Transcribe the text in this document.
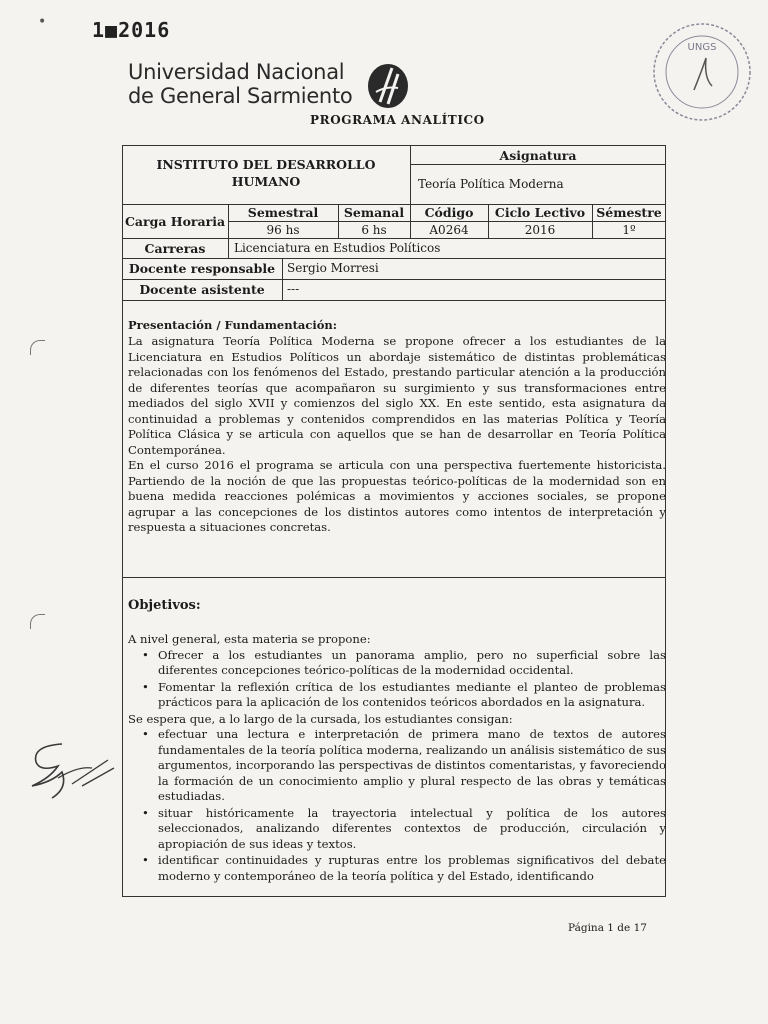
• 1■2016
Universidad Nacional
de General Sarmiento
PROGRAMA ANALÍTICO
UNGS
INSTITUTO DEL DESARROLLO
HUMANO
Asignatura
Teoría Política Moderna
Carga Horaria
Semestral
96 hs
Semanal
6 hs
Código
A0264
Ciclo Lectivo
2016
Sémestre
1º
Carreras	Licenciatura en Estudios Políticos
Docente responsable Sergio Morresi
Docente asistente	---
Presentación / Fundamentación:

La asignatura Teoría Política Moderna se propone ofrecer a los estudiantes de la Licenciatura en Estudios Políticos un abordaje sistemático de distintas problemáticas relacionadas con los fenómenos del Estado, prestando particular atención a la producción de diferentes teorías que acompañaron su surgimiento y sus transformaciones entre mediados del siglo XVII y comienzos del siglo XX. En este sentido, esta asignatura da continuidad a problemas y contenidos comprendidos en las materias Política y Teoría Política Clásica y se articula con aquellos que se han de desarrollar en Teoría Política Contemporánea.

En el curso 2016 el programa se articula con una perspectiva fuertemente historicista. Partiendo de la noción de que las propuestas teórico-políticas de la modernidad son en buena medida reacciones polémicas a movimientos y acciones sociales, se propone agrupar a las concepciones de los distintos autores como intentos de interpretación y respuesta a situaciones concretas.

Objetivos:

A nivel general, esta materia se propone:

• Ofrecer a los estudiantes un panorama amplio, pero no superficial sobre las diferentes concepciones teórico-políticas de la modernidad occidental.
• Fomentar la reflexión crítica de los estudiantes mediante el planteo de problemas prácticos para la aplicación de los contenidos teóricos abordados en la asignatura.

Se espera que, a lo largo de la cursada, los estudiantes consigan:

• efectuar una lectura e interpretación de primera mano de textos de autores fundamentales de la teoría política moderna, realizando un análisis sistemático de sus argumentos, incorporando las perspectivas de distintos comentaristas, y favoreciendo la formación de un conocimiento amplio y plural respecto de las obras y temáticas estudiadas.
• situar históricamente la trayectoria intelectual y política de los autores seleccionados, analizando diferentes contextos de producción, circulación y apropiación de sus ideas y textos.
• identificar continuidades y rupturas entre los problemas significativos del debate moderno y contemporáneo de la teoría política y del Estado, identificando
Página 1 de 17
